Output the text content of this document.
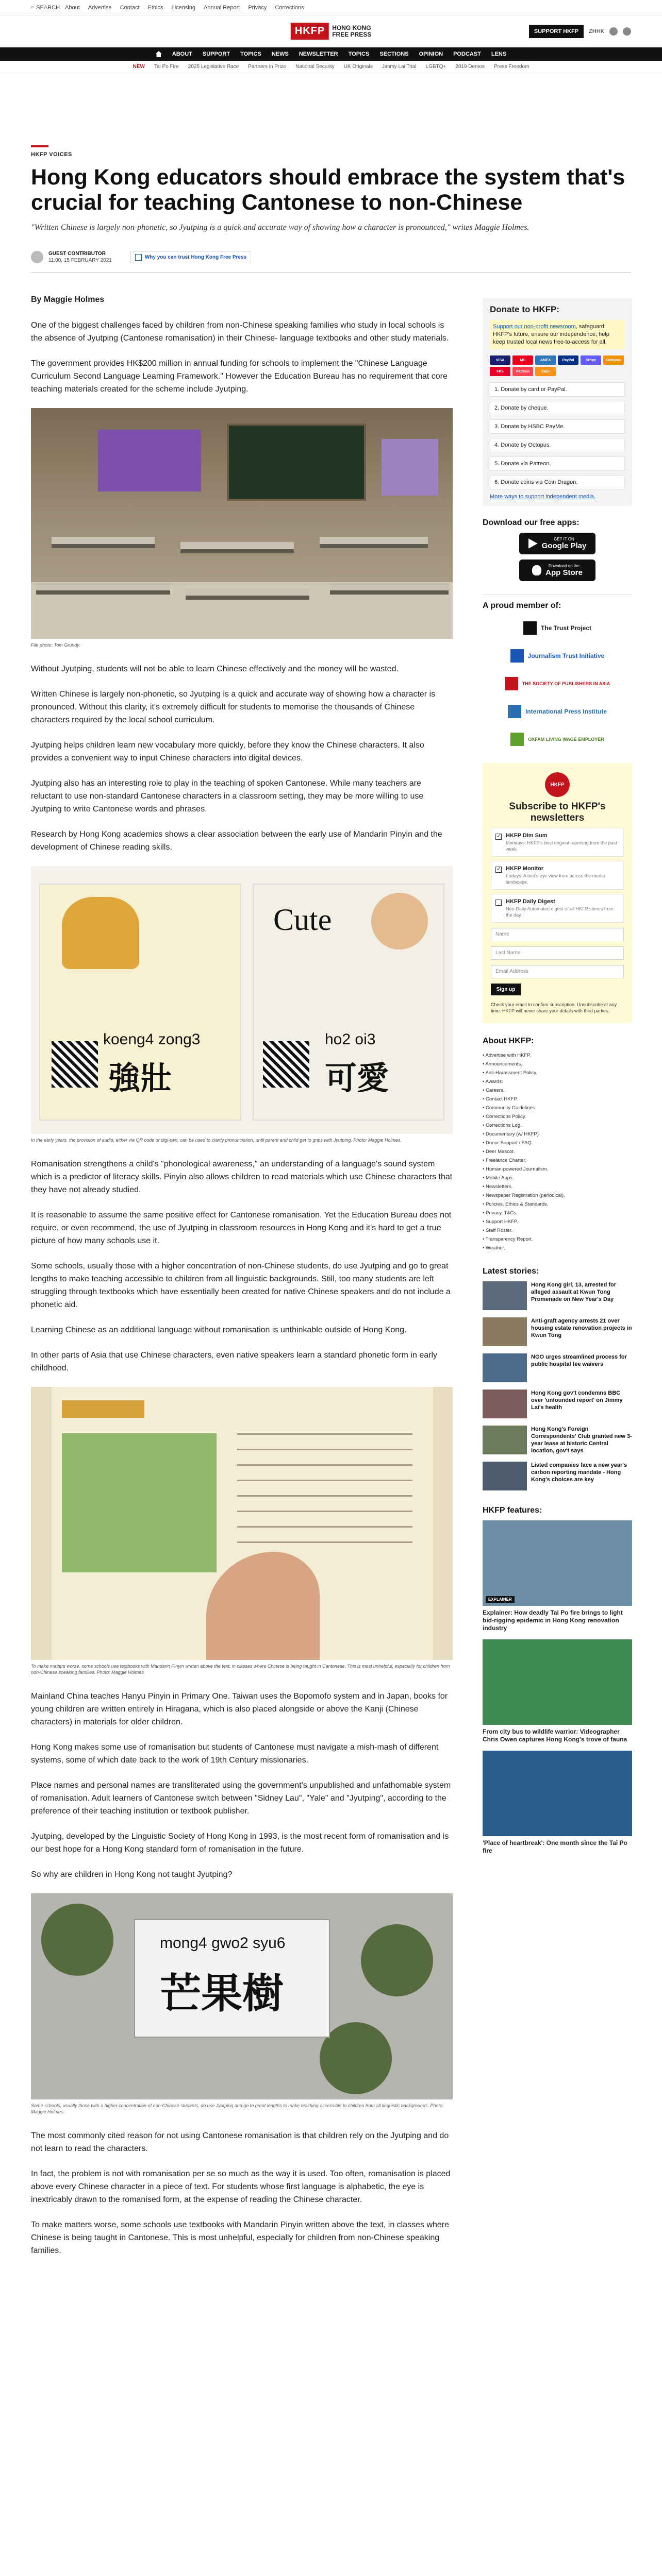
⌕ SEARCH About Advertise Contact Ethics Licensing Annual Report Privacy Corrections
HKFP	HONG KONG
FREE PRESS	SUPPORT HKFP	ZHHK
ABOUT SUPPORT TOPICS NEWS NEWSLETTER TOPICS SECTIONS OPINION PODCAST LENS
NEW Tai Po Fire 2025 Legislative Race Partners in Prize National Security UK Originals Jimmy Lai Trial LGBTQ+ 2019 Demos Press Freedom
HKFP VOICES
Hong Kong educators should embrace the system that's crucial for teaching Cantonese to non-Chinese
"Written Chinese is largely non-phonetic, so Jyutping is a quick and accurate way of showing how a character is pronounced," writes Maggie Holmes.
GUEST CONTRIBUTOR
11:00, 15 FEBRUARY 2021
Why you can trust Hong Kong Free Press
By Maggie Holmes

One of the biggest challenges faced by children from non-Chinese speaking families who study in local schools is the absence of Jyutping (Cantonese romanisation) in their Chinese- language textbooks and other study materials.

The government provides HK$200 million in annual funding for schools to implement the "Chinese Language Curriculum Second Language Learning Framework." However the Education Bureau has no requirement that core teaching materials created for the scheme include Jyutping.

File photo: Tom Grundy.

Without Jyutping, students will not be able to learn Chinese effectively and the money will be wasted.

Written Chinese is largely non-phonetic, so Jyutping is a quick and accurate way of showing how a character is pronounced. Without this clarity, it's extremely difficult for students to memorise the thousands of Chinese characters required by the local school curriculum.

Jyutping helps children learn new vocabulary more quickly, before they know the Chinese characters. It also provides a convenient way to input Chinese characters into digital devices.

Jyutping also has an interesting role to play in the teaching of spoken Cantonese. While many teachers are reluctant to use non-standard Cantonese characters in a classroom setting, they may be more willing to use Jyutping to write Cantonese words and phrases.

Research by Hong Kong academics shows a clear association between the early use of Mandarin Pinyin and the development of Chinese reading skills.

Cute
koeng4 zong3
強壯
ho2 oi3
可愛
In the early years, the provision of audio, either via QR code or digi-pen, can be used to clarify pronunciation, until parent and child get to grips with Jyutping. Photo: Maggie Holmes.

Romanisation strengthens a child's "phonological awareness," an understanding of a language's sound system which is a predictor of literacy skills. Pinyin also allows children to read materials which use Chinese characters that they have not already studied.

It is reasonable to assume the same positive effect for Cantonese romanisation. Yet the Education Bureau does not require, or even recommend, the use of Jyutping in classroom resources in Hong Kong and it's hard to get a true picture of how many schools use it.

Some schools, usually those with a higher concentration of non-Chinese students, do use Jyutping and go to great lengths to make teaching accessible to children from all linguistic backgrounds. Still, too many students are left struggling through textbooks which have essentially been created for native Chinese speakers and do not include a phonetic aid.

Learning Chinese as an additional language without romanisation is unthinkable outside of Hong Kong.

In other parts of Asia that use Chinese characters, even native speakers learn a standard phonetic form in early childhood.

To make matters worse, some schools use textbooks with Mandarin Pinyin written above the text, in classes where Chinese is being taught in Cantonese. This is most unhelpful, especially for children from non-Chinese speaking families. Photo: Maggie Holmes.

Mainland China teaches Hanyu Pinyin in Primary One. Taiwan uses the Bopomofo system and in Japan, books for young children are written entirely in Hiragana, which is also placed alongside or above the Kanji (Chinese characters) in materials for older children.

Hong Kong makes some use of romanisation but students of Cantonese must navigate a mish-mash of different systems, some of which date back to the work of 19th Century missionaries.

Place names and personal names are transliterated using the government's unpublished and unfathomable system of romanisation. Adult learners of Cantonese switch between "Sidney Lau", "Yale" and "Jyutping", according to the preference of their teaching institution or textbook publisher.

Jyutping, developed by the Linguistic Society of Hong Kong in 1993, is the most recent form of romanisation and is our best hope for a Hong Kong standard form of romanisation in the future.

So why are children in Hong Kong not taught Jyutping?

mong4 gwo2 syu6
芒果樹
Some schools, usually those with a higher concentration of non-Chinese students, do use Jyutping and go to great lengths to make teaching accessible to children from all linguistic backgrounds. Photo: Maggie Holmes.

The most commonly cited reason for not using Cantonese romanisation is that children rely on the Jyutping and do not learn to read the characters.

In fact, the problem is not with romanisation per se so much as the way it is used. Too often, romanisation is placed above every Chinese character in a piece of text. For students whose first language is alphabetic, the eye is inextricably drawn to the romanised form, at the expense of reading the Chinese character.

To make matters worse, some schools use textbooks with Mandarin Pinyin written above the text, in classes where Chinese is being taught in Cantonese. This is most unhelpful, especially for children from non-Chinese speaking families.

Donate to HKFP:
Support our non-profit newsroom, safeguard HKFP's future, ensure our independence, help keep trusted local news free-to-access for all.
VISA	MC	AMEX	PayPal	Stripe	Octopus
FPS	Patreon	Coin
1. Donate by card or PayPal.
2. Donate by cheque.
3. Donate by HSBC PayMe.
4. Donate by Octopus.
5. Donate via Patreon.
6. Donate coins via Coin Dragon.
More ways to support independent media.
Download our free apps:
GET IT ON
Google Play
Download on the
App Store
A proud member of:
The Trust Project
Journalism Trust Initiative
THE SOCIETY OF PUBLISHERS IN ASIA
International Press Institute
OXFAM LIVING WAGE EMPLOYER
HKFP
Subscribe to HKFP's newsletters
✓
HKFP Dim Sum
Mondays: HKFP's best original reporting from the past week.
✓
HKFP Monitor
Fridays: A bird's eye view from across the media landscape.
HKFP Daily Digest
Non-Daily Automated digest of all HKFP stories from the day.
Name
Last Name
Email Address
Sign up
Check your email to confirm subscription. Unsubscribe at any time. HKFP will never share your details with third parties.
About HKFP:
• Advertise with HKFP.
• Announcements.
• Anti-Harassment Policy.
• Awards.
• Careers.
• Contact HKFP.
• Community Guidelines.
• Corrections Policy.
• Corrections Log.
• Documentary (w/ HKFP)
• Donor Support / FAQ.
• Deer Mascot.
• Freelance Charter.
• Human-powered Journalism.
• Mobile Apps.
• Newsletters.
• Newspaper Registration (periodical).
• Policies, Ethics & Standards.
• Privacy, T&Cs.
• Support HKFP.
• Staff Roster.
• Transparency Report.
• Weather.
Latest stories:
Hong Kong girl, 13, arrested for alleged assault at Kwun Tong Promenade on New Year's Day
Anti-graft agency arrests 21 over housing estate renovation projects in Kwun Tong
NGO urges streamlined process for public hospital fee waivers
Hong Kong gov't condemns BBC over 'unfounded report' on Jimmy Lai's health
Hong Kong's Foreign Correspondents' Club granted new 3-year lease at historic Central location, gov't says
Listed companies face a new year's carbon reporting mandate - Hong Kong's choices are key
HKFP features:
EXPLAINER
Explainer: How deadly Tai Po fire brings to light bid-rigging epidemic in Hong Kong renovation industry
From city bus to wildlife warrior: Videographer Chris Owen captures Hong Kong's trove of fauna
'Place of heartbreak': One month since the Tai Po fire
